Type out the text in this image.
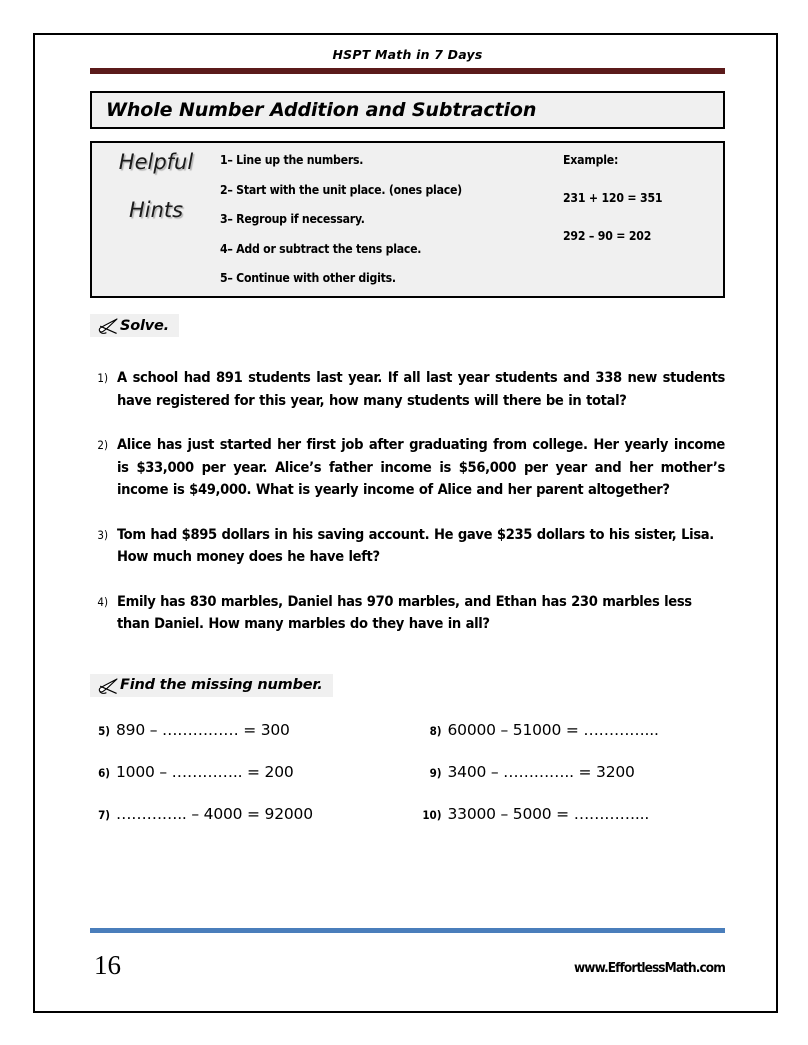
HSPT Math in 7 Days
Whole Number Addition and Subtraction
Helpful
Hints
1– Line up the numbers.
2– Start with the unit place. (ones place)
3– Regroup if necessary.
4– Add or subtract the tens place.
5– Continue with other digits.
Example:
231 + 120 = 351
292 – 90 = 202
Solve.
1) A school had 891 students last year. If all last year students and 338 new students have registered for this year, how many students will there be in total?
2) Alice has just started her first job after graduating from college. Her yearly income is $33,000 per year. Alice’s father income is $56,000 per year and her mother’s income is $49,000. What is yearly income of Alice and her parent altogether?
3) Tom had $895 dollars in his saving account. He gave $235 dollars to his sister, Lisa. How much money does he have left?
4) Emily has 830 marbles, Daniel has 970 marbles, and Ethan has 230 marbles less than Daniel. How many marbles do they have in all?
Find the missing number.
5) 890 – …………… = 300
6) 1000 – ………….. = 200
7) ………….. – 4000 = 92000
8) 60000 – 51000 = …………...
9) 3400 – ………….. = 3200
10) 33000 – 5000 = …………...
16	www.EffortlessMath.com
